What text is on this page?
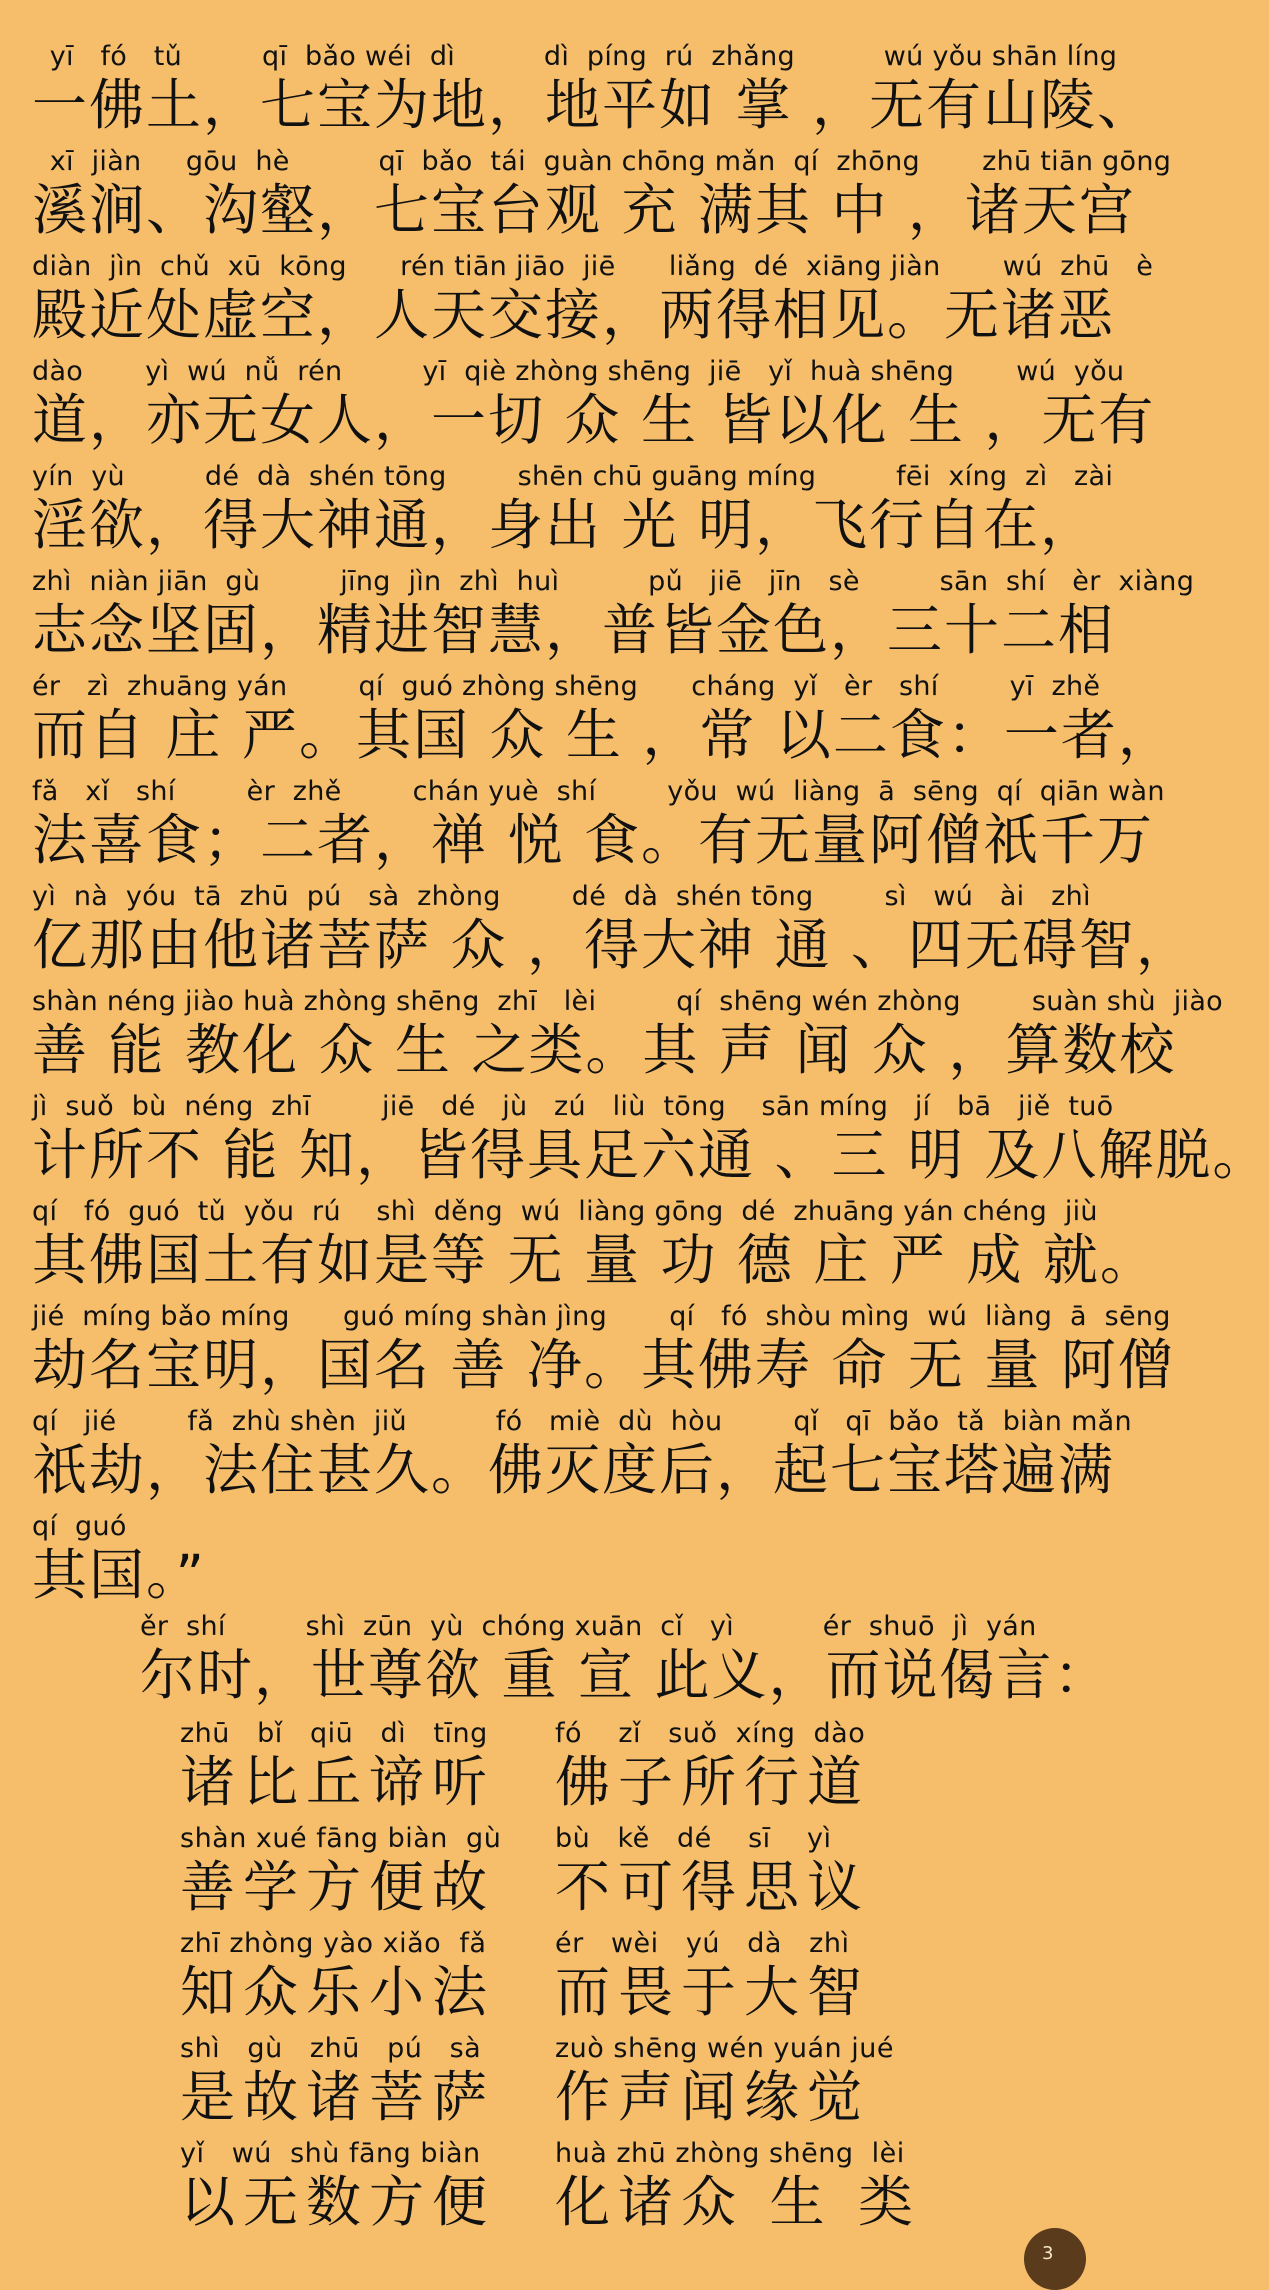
yī   fó   tǔ         qī  bǎo wéi  dì          dì  píng  rú  zhǎng          wú yǒu shān líng
一佛土，七宝为地，地平如 掌 ，无有山陵、
xī  jiàn     gōu  hè          qī  bǎo  tái  guàn chōng mǎn  qí  zhōng       zhū tiān gōng
溪涧、沟壑，七宝台观 充 满其 中 ，诸天宫
diàn  jìn  chǔ  xū  kōng      rén tiān jiāo  jiē      liǎng  dé  xiāng jiàn       wú  zhū   è
殿近处虚空，人天交接，两得相见。无诸恶
dào       yì  wú  nǚ  rén         yī  qiè zhòng shēng  jiē   yǐ  huà shēng       wú  yǒu
道，亦无女人，一切 众 生 皆以化 生 ，无有
yín  yù         dé  dà  shén tōng        shēn chū guāng míng         fēi  xíng  zì   zài
淫欲，得大神通，身出 光 明，飞行自在，
zhì  niàn jiān  gù         jīng  jìn  zhì  huì          pǔ   jiē   jīn   sè         sān  shí   èr  xiàng
志念坚固，精进智慧，普皆金色，三十二相
ér   zì  zhuāng yán        qí  guó zhòng shēng      cháng  yǐ   èr   shí        yī  zhě
而自 庄 严。其国 众 生 ，常 以二食：一者，
fǎ   xǐ   shí        èr  zhě        chán yuè  shí        yǒu  wú  liàng  ā  sēng  qí  qiān wàn
法喜食；二者，禅 悦 食。有无量阿僧祇千万
yì  nà  yóu  tā  zhū  pú   sà  zhòng        dé  dà  shén tōng        sì   wú   ài   zhì
亿那由他诸菩萨 众 ，得大神 通 、四无碍智，
shàn néng jiào huà zhòng shēng  zhī   lèi         qí  shēng wén zhòng        suàn shù  jiào
善 能 教化 众 生 之类。其 声 闻 众 ，算数校
jì  suǒ  bù  néng  zhī        jiē   dé   jù   zú   liù  tōng    sān míng   jí   bā   jiě  tuō
计所不 能 知，皆得具足六通 、三 明 及八解脱。
qí   fó  guó  tǔ  yǒu  rú    shì  děng  wú  liàng gōng  dé  zhuāng yán chéng  jiù
其佛国土有如是等 无 量 功 德 庄 严 成 就。
jié  míng bǎo míng      guó míng shàn jìng       qí   fó  shòu mìng  wú  liàng  ā  sēng
劫名宝明，国名 善 净。其佛寿 命 无 量 阿僧
qí   jié        fǎ  zhù shèn  jiǔ          fó   miè  dù  hòu        qǐ   qī  bǎo  tǎ  biàn mǎn
祇劫，法住甚久。佛灭度后，起七宝塔遍满
qí  guó
其国。”
ěr  shí         shì  zūn  yù  chóng xuān  cǐ   yì          ér  shuō  jì  yán
尔时，世尊欲 重 宣 此义，而说偈言：
zhū   bǐ   qiū   dì   tīng
诸比丘谛听
fó    zǐ   suǒ  xíng  dào
佛子所行道
shàn xué fāng biàn  gù
善学方便故
bù   kě   dé    sī    yì
不可得思议
zhī zhòng yào xiǎo  fǎ
知众乐小法
ér   wèi   yú   dà   zhì
而畏于大智
shì   gù   zhū   pú   sà
是故诸菩萨
zuò shēng wén yuán jué
作声闻缘觉
yǐ   wú  shù fāng biàn
以无数方便
huà zhū zhòng shēng  lèi
化诸众 生 类
3
